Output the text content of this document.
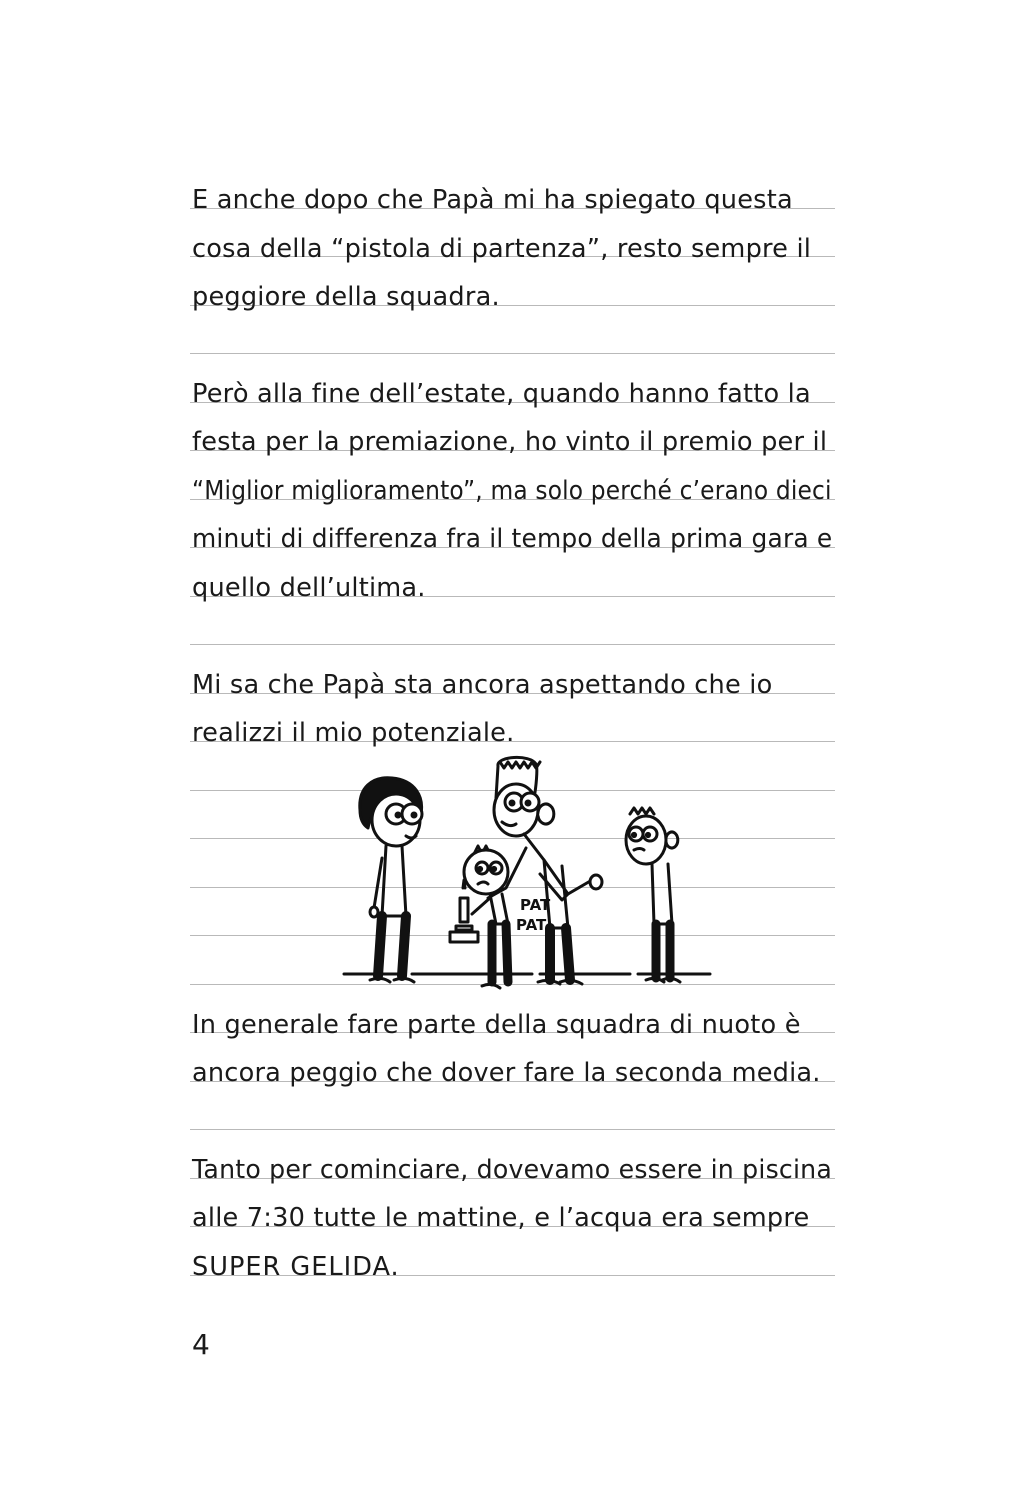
E anche dopo che Papà mi ha spiegato questa
cosa della “pistola di partenza”, resto sempre il
peggiore della squadra.
Però alla fine dell’estate, quando hanno fatto la
festa per la premiazione, ho vinto il premio per il
“Miglior miglioramento”, ma solo perché c’erano dieci
minuti di differenza fra il tempo della prima gara e
quello dell’ultima.
Mi sa che Papà sta ancora aspettando che io
realizzi il mio potenziale.
PAT
PAT
In generale fare parte della squadra di nuoto è
ancora peggio che dover fare la seconda media.
Tanto per cominciare, dovevamo essere in piscina
alle 7:30 tutte le mattine, e l’acqua era sempre
SUPER GELIDA.
4
